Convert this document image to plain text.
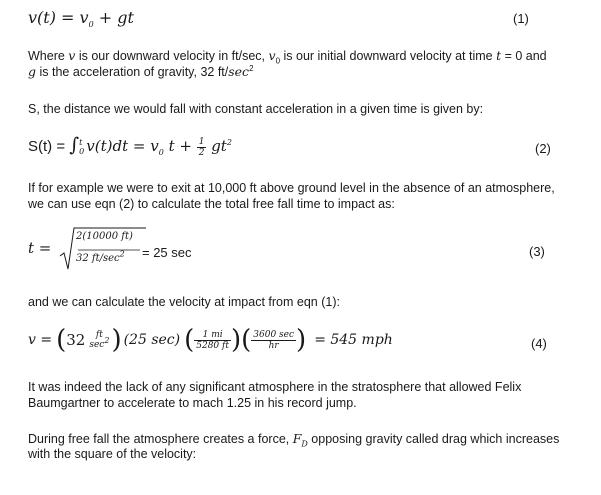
$v(t) = v_0$ + gt	(1)
Where v is our downward velocity in ft/sec, $v_0$ is our initial downward velocity at time t = 0 and
g is the acceleration of gravity, 32 $ft/\sec^2$
S, the distance we would fall with constant acceleration in a given time is given by:
S(t) = ∫ t
0 $v(t)dt = v_0$ $t + \frac{1}{2} gt^2$	(2)
If for example we were to exit at 10,000 ft above ground level in the absence of an atmosphere,
we can use eqn (2) to calculate the total free fall time to impact as:
t =
2(10000 ft)
32 $ft/\sec^2 = 25$ sec	(3)
and we can calculate the velocity at impact from eqn (1):
v = ( 32	ft
$\sec^2$ ) (25 sec) ( $\frac{1 mi}{5280 ft}$ )( $\frac{3600 \sec}{hr}$ ) = 545 mph	(4)
It was indeed the lack of any significant atmosphere in the stratosphere that allowed Felix
Baumgartner to accelerate to mach 1.25 in his record jump.
During free fall the atmosphere creates a force, $F_D$ opposing gravity called drag which increases
with the square of the velocity:
